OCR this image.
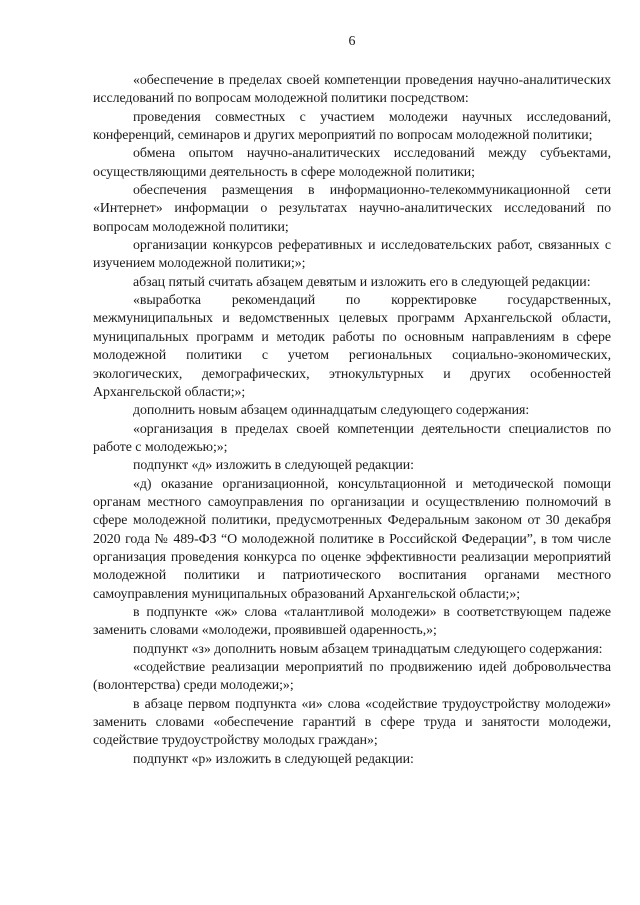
6

«обеспечение в пределах своей компетенции проведения научно-аналитических исследований по вопросам молодежной политики посредством:

проведения совместных с участием молодежи научных исследований, конференций, семинаров и других мероприятий по вопросам молодежной политики;

обмена опытом научно-аналитических исследований между субъектами, осуществляющими деятельность в сфере молодежной политики;

обеспечения размещения в информационно-телекоммуникационной сети «Интернет» информации о результатах научно-аналитических исследований по вопросам молодежной политики;

организации конкурсов реферативных и исследовательских работ, связанных с изучением молодежной политики;»;

абзац пятый считать абзацем девятым и изложить его в следующей редакции:

«выработка рекомендаций по корректировке государственных, межмуниципальных и ведомственных целевых программ Архангельской области, муниципальных программ и методик работы по основным направлениям в сфере молодежной политики с учетом региональных социально-экономических, экологических, демографических, этнокультурных и других особенностей Архангельской области;»;

дополнить новым абзацем одиннадцатым следующего содержания:

«организация в пределах своей компетенции деятельности специалистов по работе с молодежью;»;

подпункт «д» изложить в следующей редакции:

«д) оказание организационной, консультационной и методической помощи органам местного самоуправления по организации и осуществлению полномочий в сфере молодежной политики, предусмотренных Федеральным законом от 30 декабря 2020 года № 489-ФЗ “О молодежной политике в Российской Федерации”, в том числе организация проведения конкурса по оценке эффективности реализации мероприятий молодежной политики и патриотического воспитания органами местного самоуправления муниципальных образований Архангельской области;»;

в подпункте «ж» слова «талантливой молодежи» в соответствующем падеже заменить словами «молодежи, проявившей одаренность,»;

подпункт «з» дополнить новым абзацем тринадцатым следующего содержания:

«содействие реализации мероприятий по продвижению идей добровольчества (волонтерства) среди молодежи;»;

в абзаце первом подпункта «и» слова «содействие трудоустройству молодежи» заменить словами «обеспечение гарантий в сфере труда и занятости молодежи, содействие трудоустройству молодых граждан»;

подпункт «р» изложить в следующей редакции:
